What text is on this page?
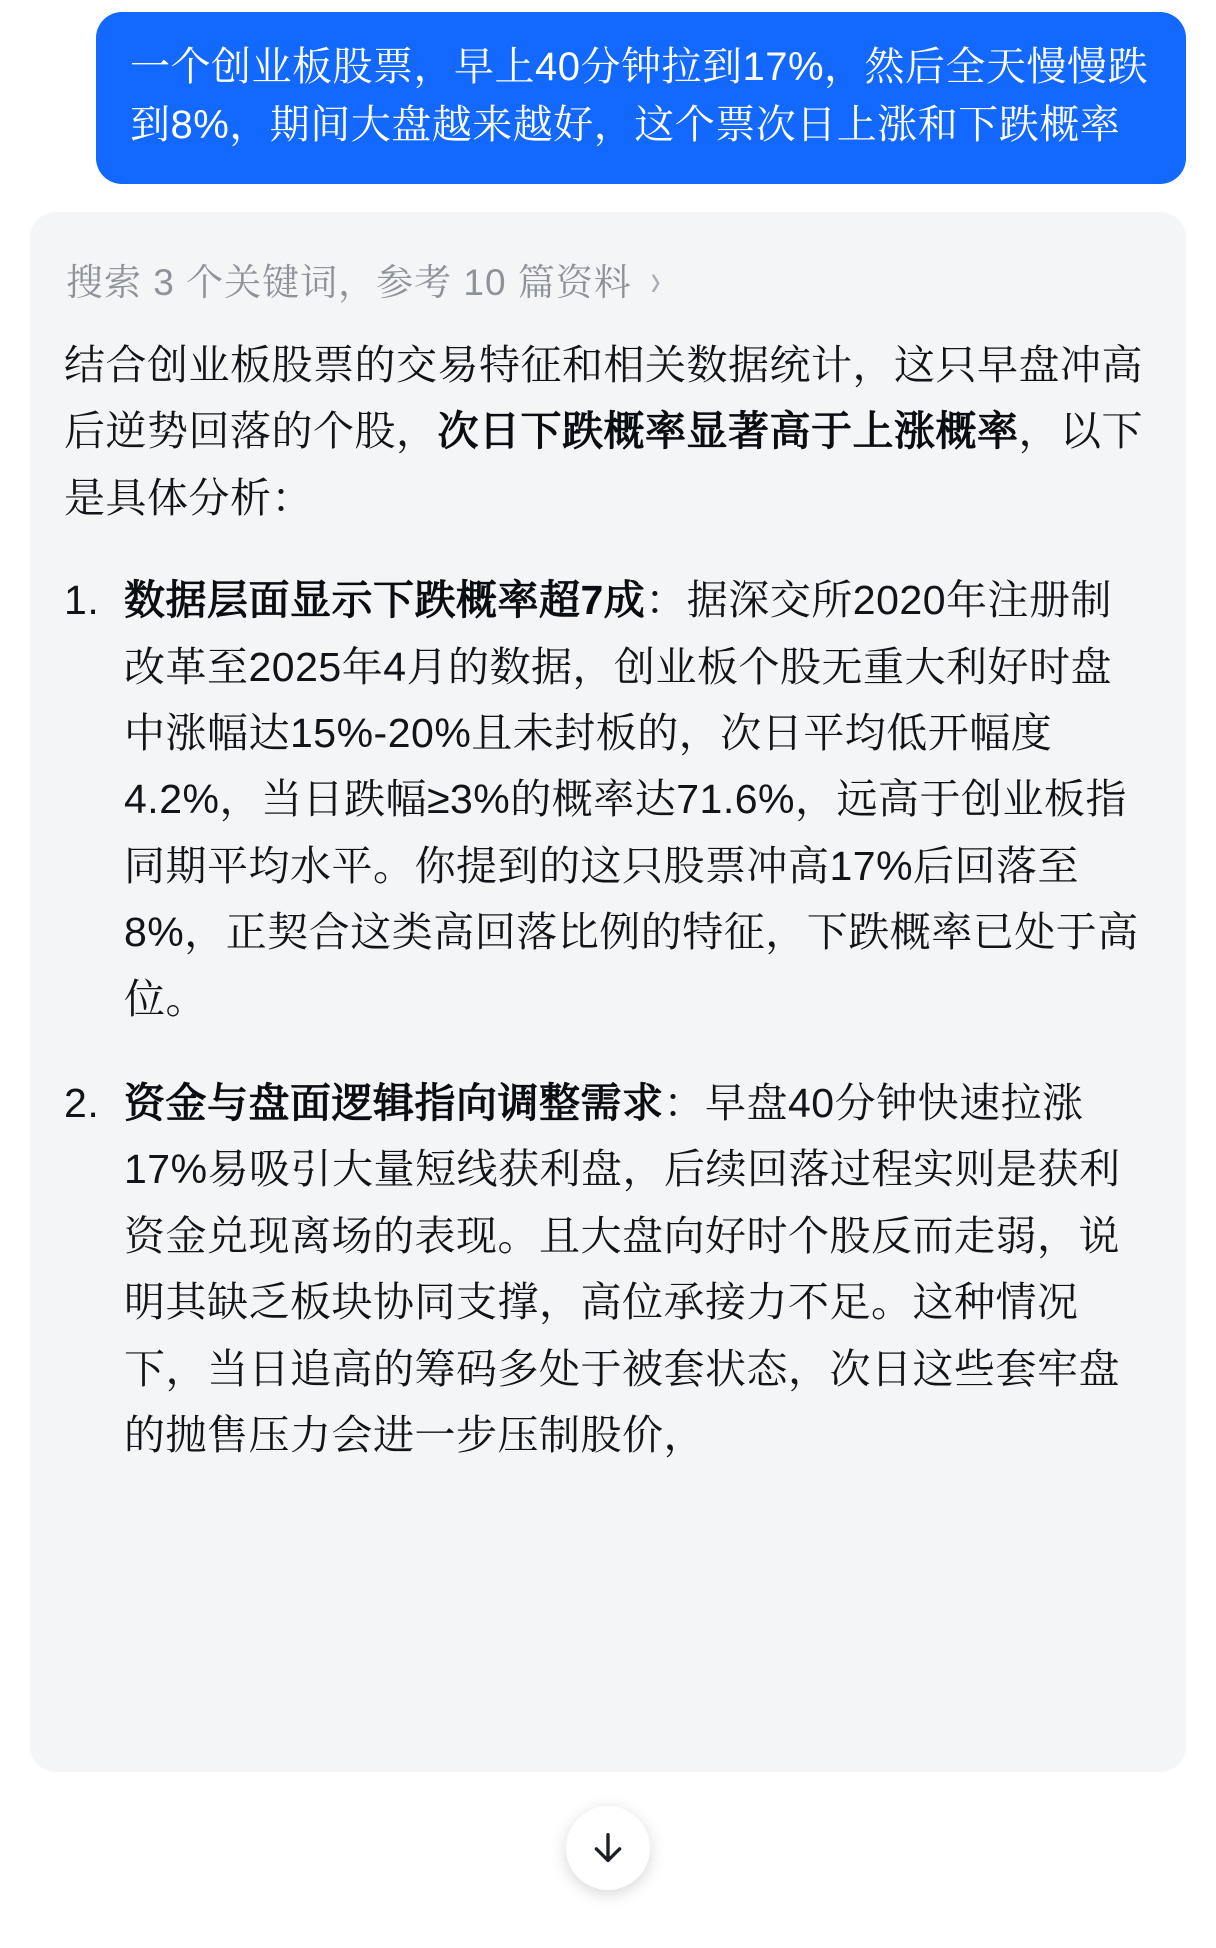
一个创业板股票，早上40分钟拉到17%，然后全天慢慢跌到8%，期间大盘越来越好，这个票次日上涨和下跌概率
搜索 3 个关键词，参考 10 篇资料 ›

结合创业板股票的交易特征和相关数据统计，这只早盘冲高后逆势回落的个股，次日下跌概率显著高于上涨概率，以下是具体分析：

数据层面显示下跌概率超7成：据深交所2020年注册制改革至2025年4月的数据，创业板个股无重大利好时盘中涨幅达15%-20%且未封板的，次日平均低开幅度4.2%，当日跌幅≥3%的概率达71.6%，远高于创业板指同期平均水平。你提到的这只股票冲高17%后回落至8%，正契合这类高回落比例的特征，下跌概率已处于高位。
资金与盘面逻辑指向调整需求：早盘40分钟快速拉涨17%易吸引大量短线获利盘，后续回落过程实则是获利资金兑现离场的表现。且大盘向好时个股反而走弱，说明其缺乏板块协同支撑，高位承接力不足。这种情况下，当日追高的筹码多处于被套状态，次日这些套牢盘的抛售压力会进一步压制股价，
